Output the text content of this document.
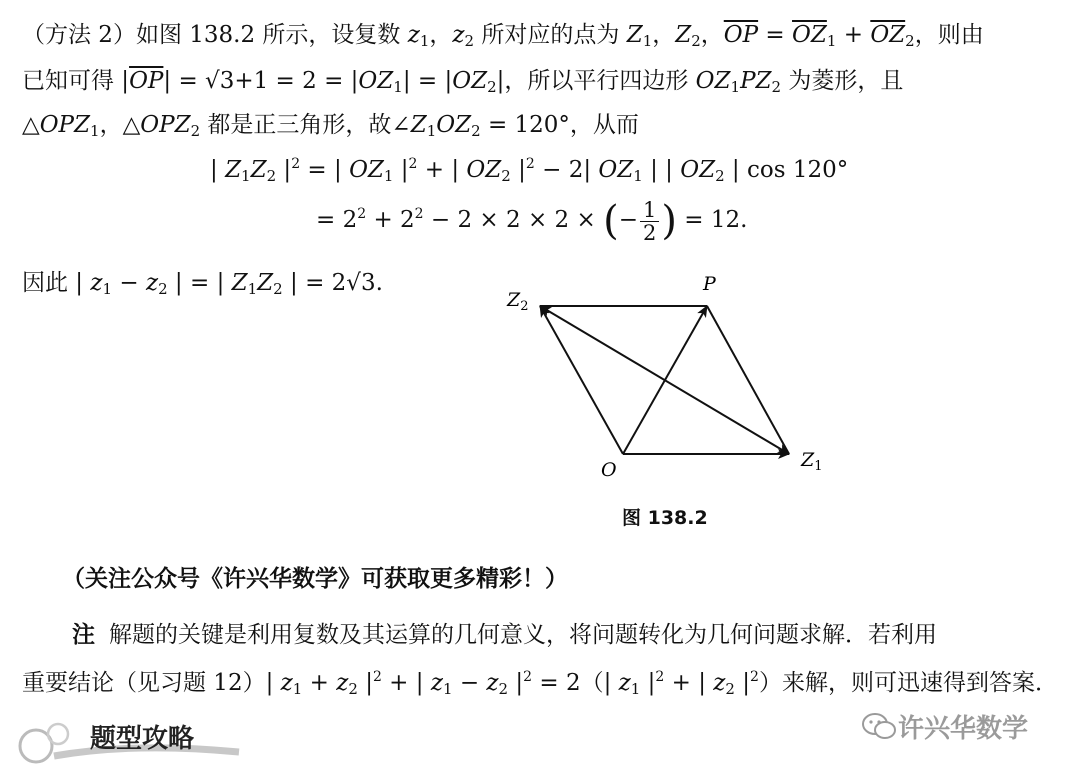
（方法 2）如图 138.2 所示，设复数 $z_1$，$z_2$ 所对应的点为 $Z_1$，$Z_2$，$\overline{OP} = \overline{OZ}_1 + \overline{OZ}_2$，则由
已知可得 $|\overline{OP}| = √3+1 = 2 = |OZ_1| = |OZ_2|$，所以平行四边形 $OZ_1PZ_2$ 为菱形，且
$\triangle OPZ_1$，$\triangle OPZ_2$ 都是正三角形，故$\angle Z_1OZ_2 = 120^\circ$，从而
| $Z_1Z_2$ $|^2$ = | $OZ_1$ $|^2$ + | $OZ_2$ $|^2 - 2|$ $OZ_1$ | | $OZ_2$ | cos 120°
= $2^2 + 2^2 - 2 \times 2 \times 2$ × (− $\frac{1}{2}$ ) = 12.
因此 | $z_1 - z_2$ | = | $Z_1Z_2$ | = 2√3.
$Z_2$
P
O	$Z_1$
图 138.2
（关注公众号《许兴华数学》可获取更多精彩！）
注 解题的关键是利用复数及其运算的几何意义，将问题转化为几何问题求解．若利用
重要结论（见习题 12）| $z_1 + z_2$ $|^2$ + | $z_1 - z_2$ $|^2 = 2(|$ $z_1$ $|^2$ + | $z_2$ $|^2$）来解，则可迅速得到答案．
题型攻略	许兴华数学
